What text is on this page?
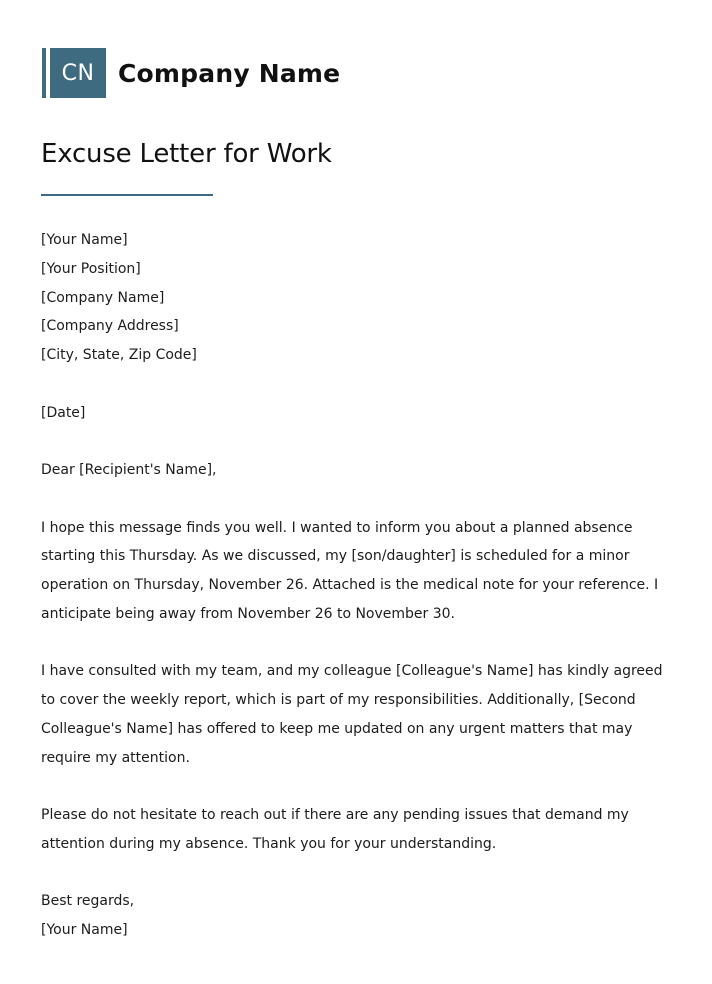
CN Company Name
Excuse Letter for Work
[Your Name]
[Your Position]
[Company Name]
[Company Address]
[City, State, Zip Code]
[Date]
Dear [Recipient's Name],
I hope this message finds you well. I wanted to inform you about a planned absence
starting this Thursday. As we discussed, my [son/daughter] is scheduled for a minor
operation on Thursday, November 26. Attached is the medical note for your reference. I
anticipate being away from November 26 to November 30.
I have consulted with my team, and my colleague [Colleague's Name] has kindly agreed
to cover the weekly report, which is part of my responsibilities. Additionally, [Second
Colleague's Name] has offered to keep me updated on any urgent matters that may
require my attention.
Please do not hesitate to reach out if there are any pending issues that demand my
attention during my absence. Thank you for your understanding.
Best regards,
[Your Name]
